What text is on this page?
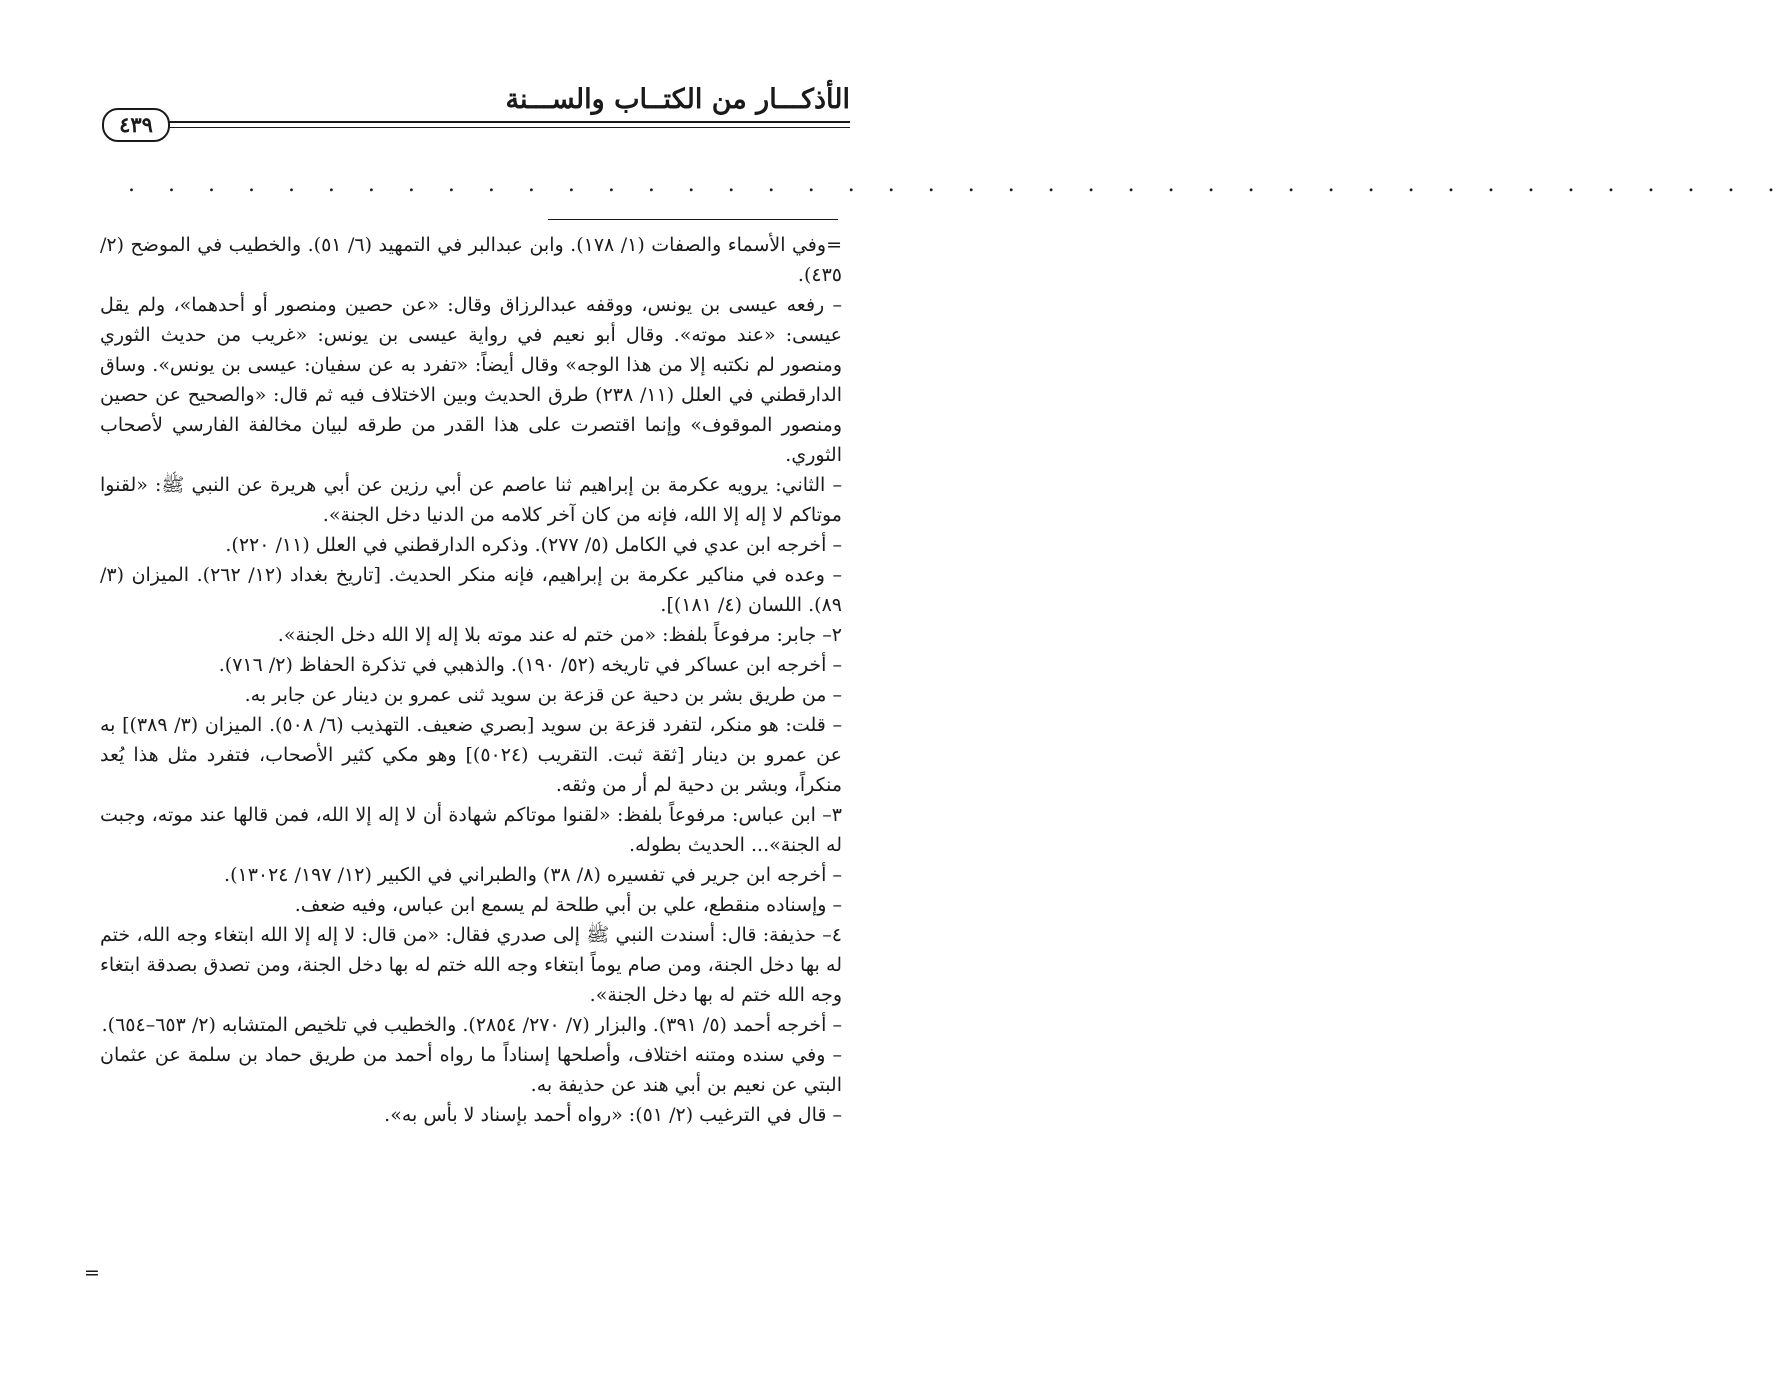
الأذكـــار من الكتــاب والســـنة
٤٣٩
. . . . . . . . . . . . . . . . . . . . . . . . . . . . . . . . . . . . . . . . . .

=وفي الأسماء والصفات (١/ ١٧٨). وابن عبدالبر في التمهيد (٦/ ٥١). والخطيب في الموضح (٢/ ٤٣٥).

– رفعه عيسى بن يونس، ووقفه عبدالرزاق وقال: «عن حصين ومنصور أو أحدهما»، ولم يقل عيسى: «عند موته». وقال أبو نعيم في رواية عيسى بن يونس: «غريب من حديث الثوري ومنصور لم نكتبه إلا من هذا الوجه» وقال أيضاً: «تفرد به عن سفيان: عيسى بن يونس». وساق الدارقطني في العلل (١١/ ٢٣٨) طرق الحديث وبين الاختلاف فيه ثم قال: «والصحيح عن حصين ومنصور الموقوف» وإنما اقتصرت على هذا القدر من طرقه لبيان مخالفة الفارسي لأصحاب الثوري.

– الثاني: يرويه عكرمة بن إبراهيم ثنا عاصم عن أبي رزين عن أبي هريرة عن النبي ﷺ: «لقنوا موتاكم لا إله إلا الله، فإنه من كان آخر كلامه من الدنيا دخل الجنة».

– أخرجه ابن عدي في الكامل (٥/ ٢٧٧). وذكره الدارقطني في العلل (١١/ ٢٢٠).

– وعده في مناكير عكرمة بن إبراهيم، فإنه منكر الحديث. [تاريخ بغداد (١٢/ ٢٦٢). الميزان (٣/ ٨٩). اللسان (٤/ ١٨١)].

٢– جابر: مرفوعاً بلفظ: «من ختم له عند موته بلا إله إلا الله دخل الجنة».

– أخرجه ابن عساكر في تاريخه (٥٢/ ١٩٠). والذهبي في تذكرة الحفاظ (٢/ ٧١٦).

– من طريق بشر بن دحية عن قزعة بن سويد ثنى عمرو بن دينار عن جابر به.

– قلت: هو منكر، لتفرد قزعة بن سويد [بصري ضعيف. التهذيب (٦/ ٥٠٨). الميزان (٣/ ٣٨٩)] به عن عمرو بن دينار [ثقة ثبت. التقريب (٥٠٢٤)] وهو مكي كثير الأصحاب، فتفرد مثل هذا يُعد منكراً، وبشر بن دحية لم أر من وثقه.

٣– ابن عباس: مرفوعاً بلفظ: «لقنوا موتاكم شهادة أن لا إله إلا الله، فمن قالها عند موته، وجبت له الجنة»... الحديث بطوله.

– أخرجه ابن جرير في تفسيره (٨/ ٣٨) والطبراني في الكبير (١٢/ ١٩٧/ ١٣٠٢٤).

– وإسناده منقطع، علي بن أبي طلحة لم يسمع ابن عباس، وفيه ضعف.

٤– حذيفة: قال: أسندت النبي ﷺ إلى صدري فقال: «من قال: لا إله إلا الله ابتغاء وجه الله، ختم له بها دخل الجنة، ومن صام يوماً ابتغاء وجه الله ختم له بها دخل الجنة، ومن تصدق بصدقة ابتغاء وجه الله ختم له بها دخل الجنة».

– أخرجه أحمد (٥/ ٣٩١). والبزار (٧/ ٢٧٠/ ٢٨٥٤). والخطيب في تلخيص المتشابه (٢/ ٦٥٣–٦٥٤).

– وفي سنده ومتنه اختلاف، وأصلحها إسناداً ما رواه أحمد من طريق حماد بن سلمة عن عثمان البتي عن نعيم بن أبي هند عن حذيفة به.

– قال في الترغيب (٢/ ٥١): «رواه أحمد بإسناد لا بأس به».

=
